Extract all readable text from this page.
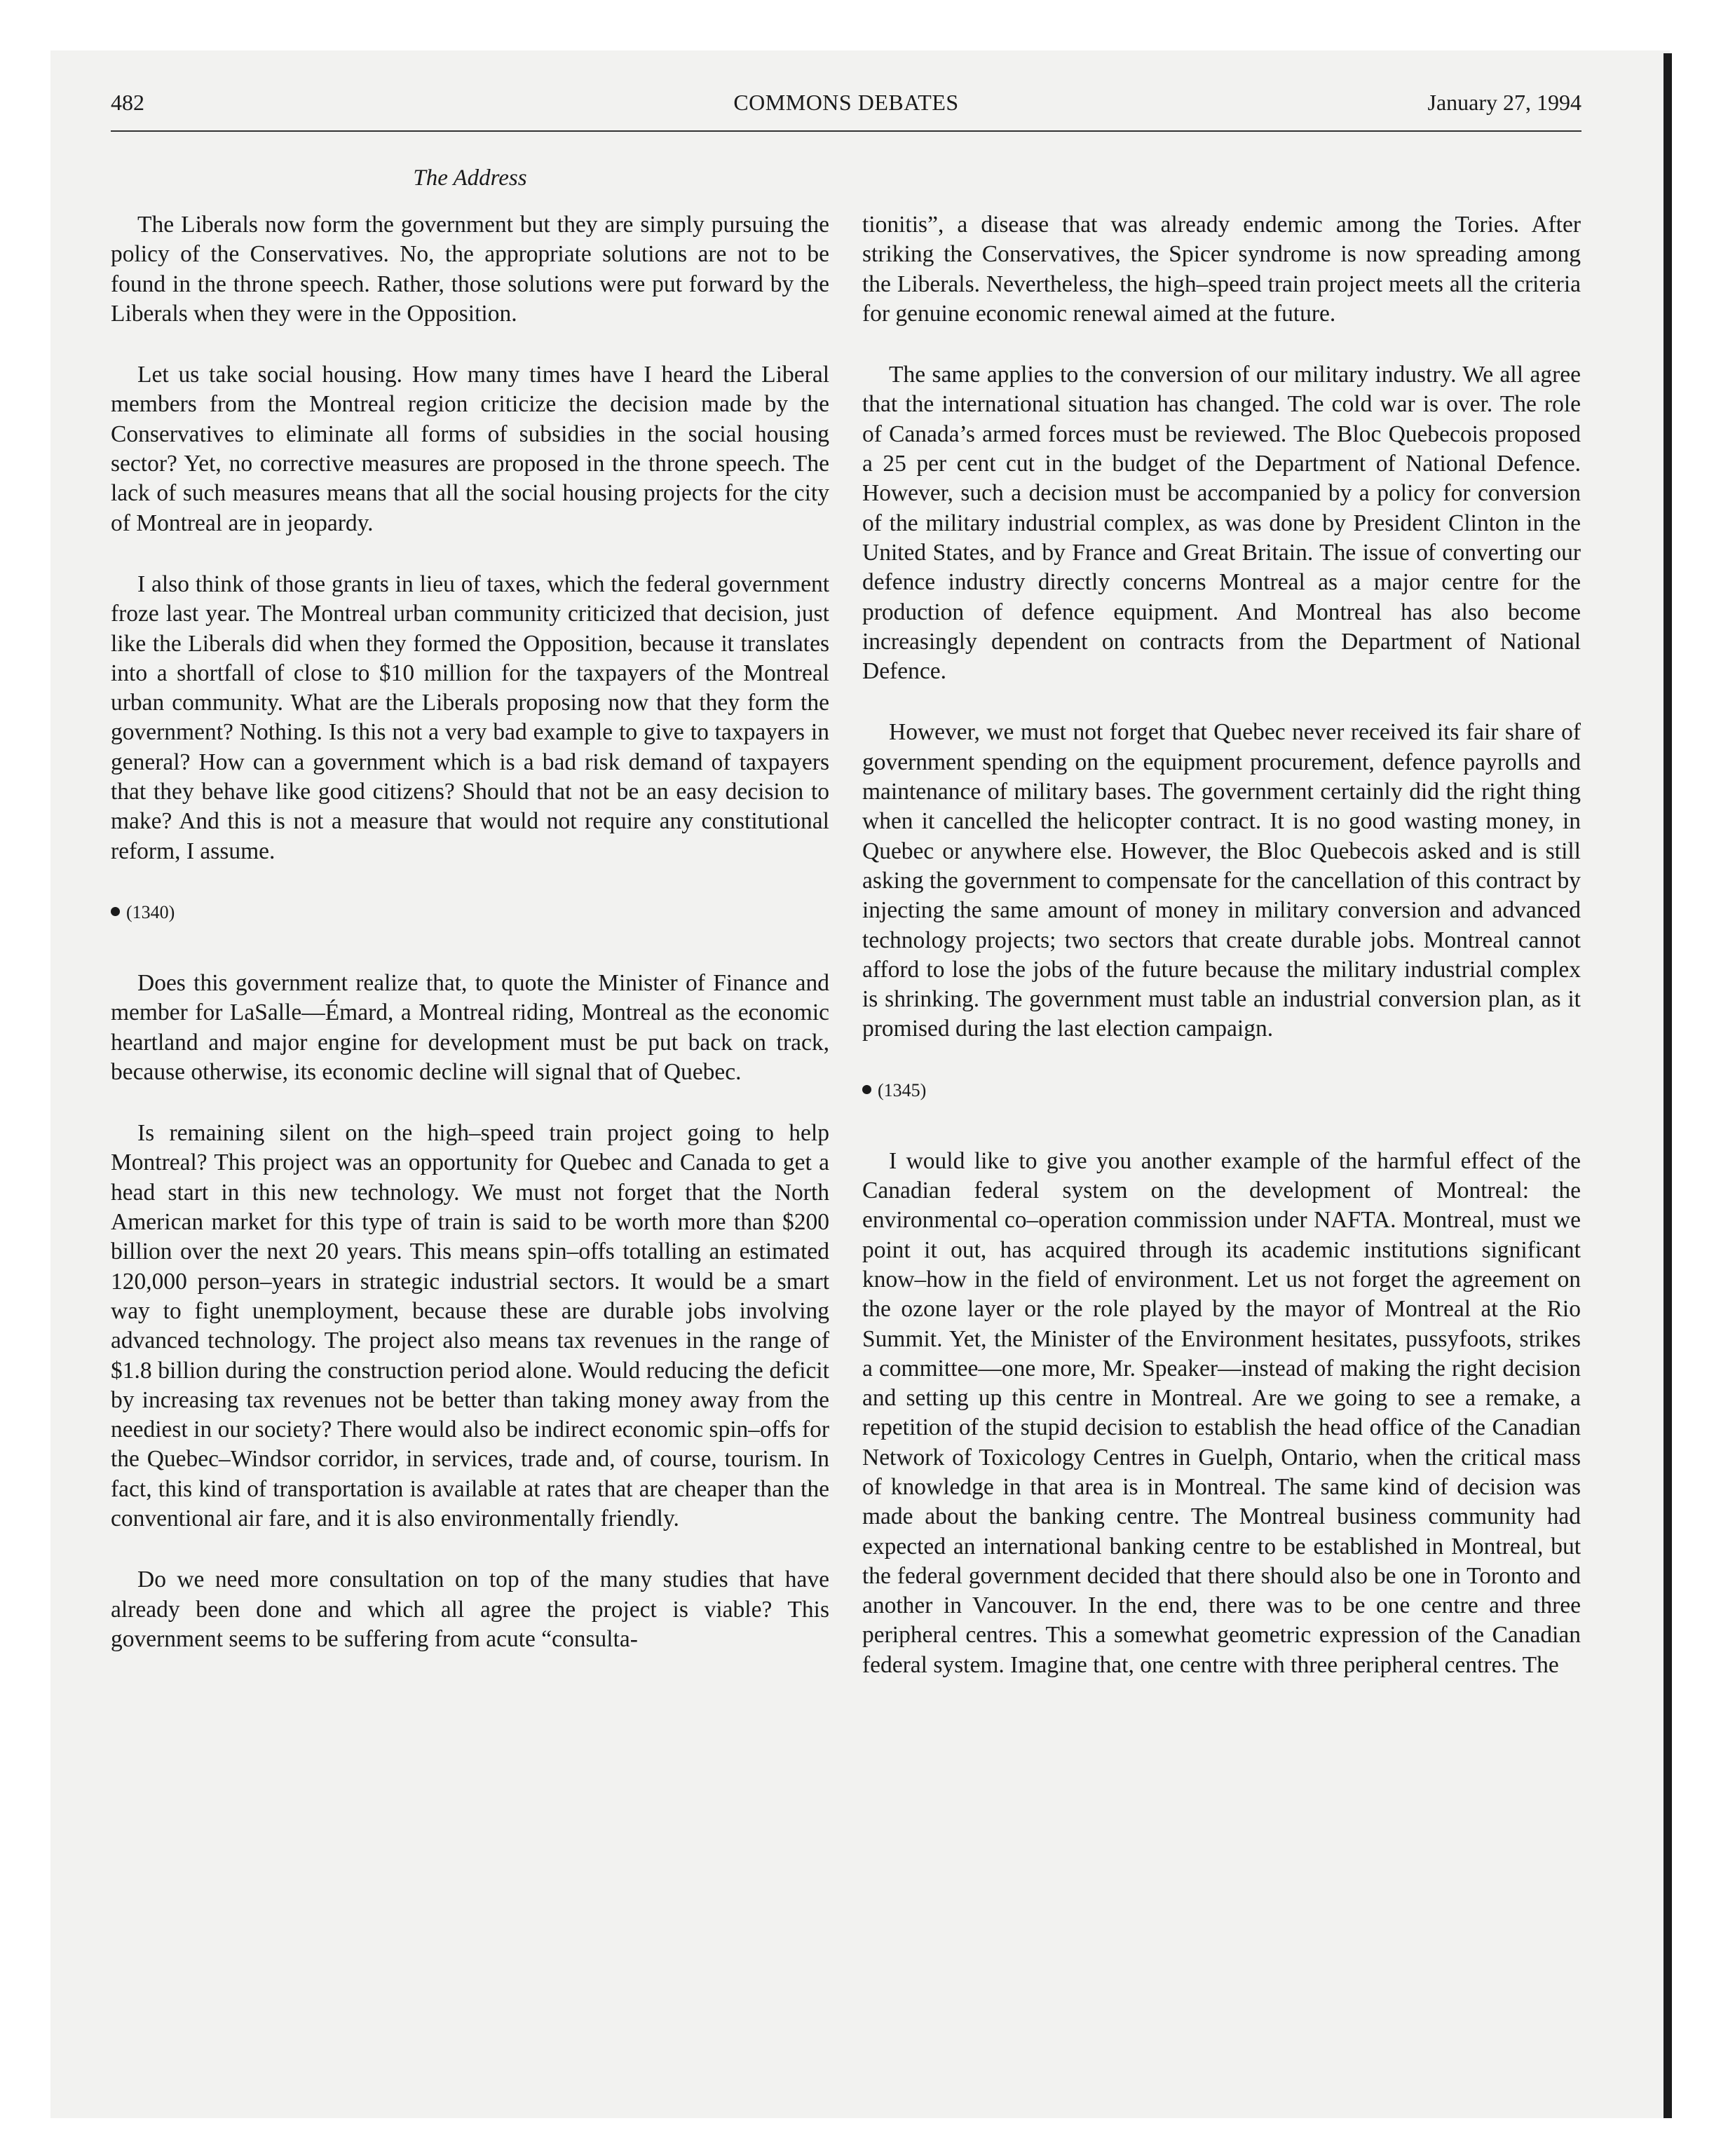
482	COMMONS DEBATES	January 27, 1994
The Address

The Liberals now form the government but they are simply pursuing the policy of the Conservatives. No, the appropriate solutions are not to be found in the throne speech. Rather, those solutions were put forward by the Liberals when they were in the Opposition.

Let us take social housing. How many times have I heard the Liberal members from the Montreal region criticize the decision made by the Conservatives to eliminate all forms of subsidies in the social housing sector? Yet, no corrective measures are proposed in the throne speech. The lack of such measures means that all the social housing projects for the city of Montreal are in jeopardy.

I also think of those grants in lieu of taxes, which the federal government froze last year. The Montreal urban community criticized that decision, just like the Liberals did when they formed the Opposition, because it translates into a shortfall of close to $10 million for the taxpayers of the Montreal urban community. What are the Liberals proposing now that they form the government? Nothing. Is this not a very bad example to give to taxpayers in general? How can a government which is a bad risk demand of taxpayers that they behave like good citizens? Should that not be an easy decision to make? And this is not a measure that would not require any constitutional reform, I assume.

(1340)

Does this government realize that, to quote the Minister of Finance and member for LaSalle—Émard, a Montreal riding, Montreal as the economic heartland and major engine for development must be put back on track, because otherwise, its economic decline will signal that of Quebec.

Is remaining silent on the high–speed train project going to help Montreal? This project was an opportunity for Quebec and Canada to get a head start in this new technology. We must not forget that the North American market for this type of train is said to be worth more than $200 billion over the next 20 years. This means spin–offs totalling an estimated 120,000 person–years in strategic industrial sectors. It would be a smart way to fight unemployment, because these are durable jobs involving advanced technology. The project also means tax revenues in the range of $1.8 billion during the construction period alone. Would reducing the deficit by increasing tax revenues not be better than taking money away from the neediest in our society? There would also be indirect economic spin–offs for the Quebec–Windsor corridor, in services, trade and, of course, tourism. In fact, this kind of transportation is available at rates that are cheaper than the conventional air fare, and it is also environmentally friendly.

Do we need more consultation on top of the many studies that have already been done and which all agree the project is viable? This government seems to be suffering from acute “consulta-

tionitis”, a disease that was already endemic among the Tories. After striking the Conservatives, the Spicer syndrome is now spreading among the Liberals. Nevertheless, the high–speed train project meets all the criteria for genuine economic renewal aimed at the future.

The same applies to the conversion of our military industry. We all agree that the international situation has changed. The cold war is over. The role of Canada’s armed forces must be reviewed. The Bloc Quebecois proposed a 25 per cent cut in the budget of the Department of National Defence. However, such a decision must be accompanied by a policy for conversion of the military industrial complex, as was done by President Clinton in the United States, and by France and Great Britain. The issue of converting our defence industry directly concerns Montreal as a major centre for the production of defence equipment. And Montreal has also become increasingly dependent on contracts from the Department of National Defence.

However, we must not forget that Quebec never received its fair share of government spending on the equipment procurement, defence payrolls and maintenance of military bases. The government certainly did the right thing when it cancelled the helicopter contract. It is no good wasting money, in Quebec or anywhere else. However, the Bloc Quebecois asked and is still asking the government to compensate for the cancellation of this contract by injecting the same amount of money in military conversion and advanced technology projects; two sectors that create durable jobs. Montreal cannot afford to lose the jobs of the future because the military industrial complex is shrinking. The government must table an industrial conversion plan, as it promised during the last election campaign.

(1345)

I would like to give you another example of the harmful effect of the Canadian federal system on the development of Montreal: the environmental co–operation commission under NAFTA. Montreal, must we point it out, has acquired through its academic institutions significant know–how in the field of environment. Let us not forget the agreement on the ozone layer or the role played by the mayor of Montreal at the Rio Summit. Yet, the Minister of the Environment hesitates, pussyfoots, strikes a committee—one more, Mr. Speaker—instead of making the right decision and setting up this centre in Montreal. Are we going to see a remake, a repetition of the stupid decision to establish the head office of the Canadian Network of Toxicology Centres in Guelph, Ontario, when the critical mass of knowledge in that area is in Montreal. The same kind of decision was made about the banking centre. The Montreal business community had expected an international banking centre to be established in Montreal, but the federal government decided that there should also be one in Toronto and another in Vancouver. In the end, there was to be one centre and three peripheral centres. This a somewhat geometric expression of the Canadian federal system. Imagine that, one centre with three peripheral centres. The
